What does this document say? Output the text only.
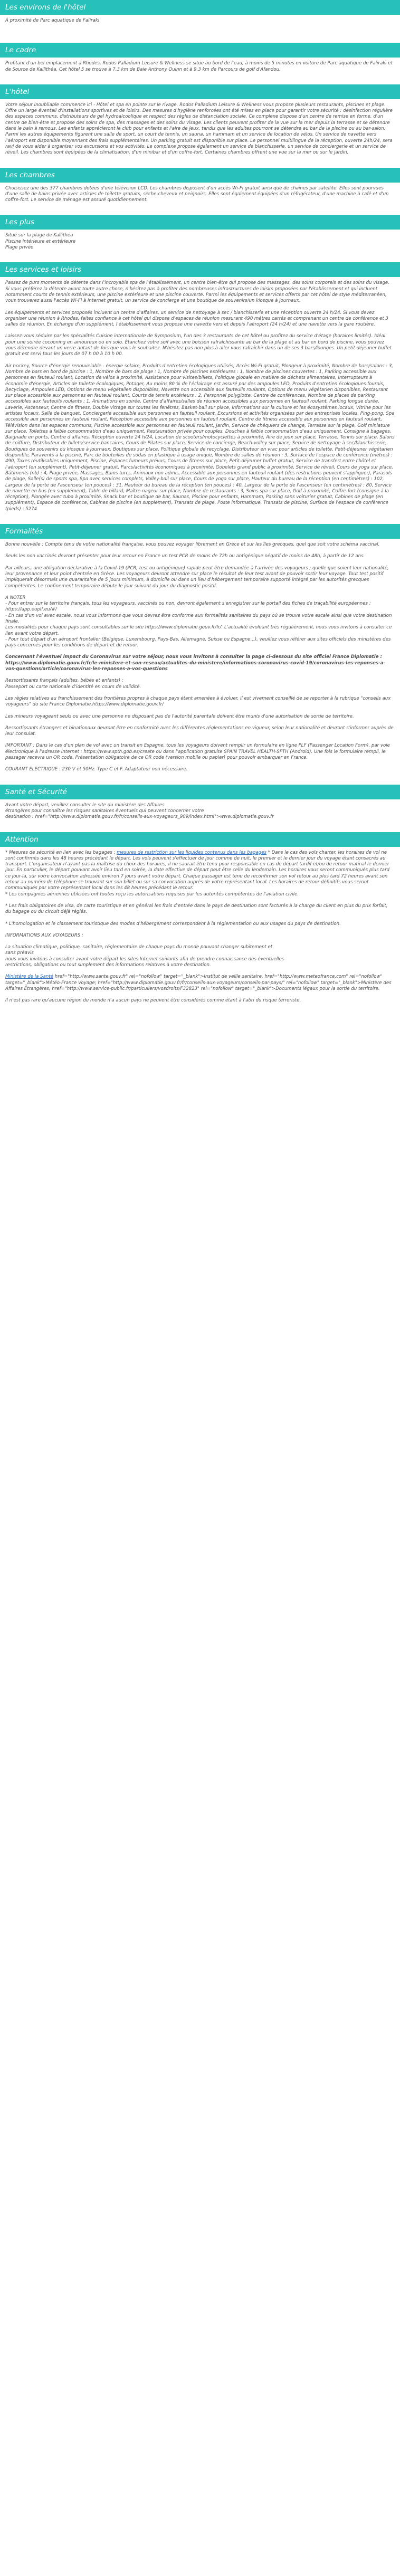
Les environs de l'hôtel

À proximité de Parc aquatique de Faliraki

Le cadre

Profitant d'un bel emplacement à Rhodes, Rodos Palladium Leisure & Wellness se situe au bord de l'eau, à moins de 5 minutes en voiture de Parc aquatique de Faliraki et de Source de Kallithéa. Cet hôtel 5 se trouve à 7,3 km de Baie Anthony Quinn et à 9,3 km de Parcours de golf d'Afandou.

L'hôtel

Votre séjour inoubliable commence ici - Hôtel et spa en pointe sur le rivage, Rodos Palladium Leisure & Wellness vous propose plusieurs restaurants, piscines et plage. Offre un large éventail d'installations sportives et de loisirs. Des mesures d'hygiène renforcées ont été mises en place pour garantir votre sécurité : désinfection régulière des espaces communs, distributeurs de gel hydroalcoolique et respect des règles de distanciation sociale. Ce complexe dispose d'un centre de remise en forme, d'un centre de bien-être et propose des soins de spa, des massages et des soins du visage. Les clients peuvent profiter de la vue sur la mer depuis la terrasse et se détendre dans le bain à remous. Les enfants apprécieront le club pour enfants et l'aire de jeux, tandis que les adultes pourront se détendre au bar de la piscine ou au bar-salon. Parmi les autres équipements figurent une salle de sport, un court de tennis, un sauna, un hammam et un service de location de vélos. Un service de navette vers l'aéroport est disponible moyennant des frais supplémentaires. Un parking gratuit est disponible sur place. Le personnel multilingue de la réception, ouverte 24h/24, sera ravi de vous aider à organiser vos excursions et vos activités. Le complexe propose également un service de blanchisserie, un service de conciergerie et un service de réveil. Les chambres sont équipées de la climatisation, d'un minibar et d'un coffre-fort. Certaines chambres offrent une vue sur la mer ou sur le jardin.

Les chambres

Choisissez une des 377 chambres dotées d'une télévision LCD. Les chambres disposent d'un accès Wi-Fi gratuit ainsi que de chaînes par satellite. Elles sont pourvues d'une salle de bains privée avec articles de toilette gratuits, sèche-cheveux et peignoirs. Elles sont également équipées d'un réfrigérateur, d'une machine à café et d'un coffre-fort. Le service de ménage est assuré quotidiennement.

Les plus
Situé sur la plage de Kallithéa
Piscine intérieure et extérieure
Plage privée
Les services et loisirs

Passez de purs moments de détente dans l'incroyable spa de l'établissement, un centre bien-être qui propose des massages, des soins corporels et des soins du visage. Si vous préférez la détente avant toute autre chose, n'hésitez pas à profiter des nombreuses infrastructures de loisirs proposées par l'établissement et qui incluent notamment courts de tennis extérieurs, une piscine extérieure et une piscine couverte. Parmi les équipements et services offerts par cet hôtel de style méditerranéen, vous trouverez aussi l'accès Wi-Fi à Internet gratuit, un service de concierge et une boutique de souvenirs/un kiosque à journaux.

Les équipements et services proposés incluent un centre d'affaires, un service de nettoyage à sec / blanchisserie et une réception ouverte 24 h/24. Si vous devez organiser une réunion à Rhodes, faites confiance à cet hôtel qui dispose d'espaces de réunion mesurant 490 mètres carrés et comprenant un centre de conférence et 3 salles de réunion. En échange d'un supplément, l'établissement vous propose une navette vers et depuis l'aéroport (24 h/24) et une navette vers la gare routière.

Laissez-vous séduire par les spécialités Cuisine internationale de Symposium, l'un des 3 restaurants de cet hôtel ou profitez du service d'étage (horaires limités). Idéal pour une soirée cocooning en amoureux ou en solo. Étanchez votre soif avec une boisson rafraîchissante au bar de la plage et au bar en bord de piscine, vous pouvez vous détendre devant un verre autant de fois que vous le souhaitez. N'hésitez pas non plus à aller vous rafraîchir dans un de ses 3 bars/lounges. Un petit déjeuner buffet gratuit est servi tous les jours de 07 h 00 à 10 h 00.

Air hockey, Source d'énergie renouvelable - énergie solaire, Produits d'entretien écologiques utilisés, Accès Wi-Fi gratuit, Plongeur à proximité, Nombre de bars/salons : 3, Nombre de bars en bord de piscine : 1, Nombre de bars de plage : 1, Nombre de piscines extérieures : 1, Nombre de piscines couvertes : 1, Parking accessible aux personnes en fauteuil roulant, Location de vélos à proximité, Assistance pour visites/billets, Politique globale en matière de déchets alimentaires, Interrupteurs à économie d'énergie, Articles de toilette écologiques, Potager, Au moins 80 % de l'éclairage est assuré par des ampoules LED, Produits d'entretien écologiques fournis, Recyclage, Ampoules LED, Options de menu végétalien disponibles, Navette non accessible aux fauteuils roulants, Options de menu végétarien disponibles, Restaurant sur place accessible aux personnes en fauteuil roulant, Courts de tennis extérieurs : 2, Personnel polyglotte, Centre de conférences, Nombre de places de parking accessibles aux fauteuils roulants : 1, Animations en soirée, Centre d'affaires/salles de réunion accessibles aux personnes en fauteuil roulant, Parking longue durée, Laverie, Ascenseur, Centre de fitness, Double vitrage sur toutes les fenêtres, Basket-ball sur place, Informations sur la culture et les écosystèmes locaux, Vitrine pour les artistes locaux, Salle de banquet, Conciergerie accessible aux personnes en fauteuil roulant, Excursions et activités organisées par des entreprises locales, Ping-pong, Spa accessible aux personnes en fauteuil roulant, Réception accessible aux personnes en fauteuil roulant, Centre de fitness accessible aux personnes en fauteuil roulant, Télévision dans les espaces communs, Piscine accessible aux personnes en fauteuil roulant, Jardin, Service de chéquiers de change, Terrasse sur la plage, Golf miniature sur place, Toilettes à faible consommation d'eau uniquement, Restauration privée pour couples, Douches à faible consommation d'eau uniquement, Consigne à bagages, Baignade en ponts, Centre d'affaires, Réception ouverte 24 h/24, Location de scooters/motocyclettes à proximité, Aire de jeux sur place, Terrasse, Tennis sur place, Salons de coiffure, Distributeur de billets/service bancaires, Cours de Pilates sur place, Service de concierge, Beach-volley sur place, Service de nettoyage à sec/blanchisserie, Boutiques de souvenirs ou kiosque à journaux, Boutiques sur place, Politique globale de recyclage, Distributeur en vrac pour articles de toilette, Petit-déjeuner végétarien disponible, Paravents à la piscine, Parc de bouteilles de sodas en plastique à usage unique, Nombre de salles de réunion : 3, Surface de l'espace de conférence (mètres) : 490, Taxes réutilisables uniquement, Piscine, Espaces fumeurs prévus, Cours de fitness sur place, Petit-déjeuner buffet gratuit, Service de transfert entre l'hôtel et l'aéroport (en supplément), Petit-déjeuner gratuit, Parcs/activités économiques à proximité, Gobelets grand public à proximité, Service de réveil, Cours de yoga sur place, Bâtiments (nb) : 4, Plage privée, Massages, Bains turcs, Animaux non admis, Accessible aux personnes en fauteuil roulant (des restrictions peuvent s'appliquer), Parasols de plage, Salle(s) de sports spa, Spa avec services complets, Volley-ball sur place, Cours de yoga sur place, Hauteur du bureau de la réception (en centimètres) : 102, Largeur de la porte de l'ascenseur (en pouces) : 31, Hauteur du bureau de la réception (en pouces) : 40, Largeur de la porte de l'ascenseur (en centimètres) : 80, Service de navette en bus (en supplément), Table de billard, Maître-nageur sur place, Nombre de restaurants : 3, Soins spa sur place, Golf à proximité, Coffre-fort (consigne à la réception), Plongée avec tuba à proximité, Snack bar et boutique de bar, Saunas, Piscine pour enfants, Hammam, Parking sans voiturier gratuit, Cabines de plage (en supplément), Espace de conférence, Cabines de piscine (en supplément), Transats de plage, Poste informatique, Transats de piscine, Surface de l'espace de conférence (pieds) : 5274

Formalités

Bonne nouvelle : Compte tenu de votre nationalité française, vous pouvez voyager librement en Grèce et sur les îles grecques, quel que soit votre schéma vaccinal.

Seuls les non vaccinés devront présenter pour leur retour en France un test PCR de moins de 72h ou antigénique négatif de moins de 48h, à partir de 12 ans.

Par ailleurs, une obligation déclarative à la Covid-19 (PCR, test ou antigénique) rapide peut être demandée à l'arrivée des voyageurs ; quelle que soient leur nationalité, leur provenance et leur point d'entrée en Grèce. Les voyageurs devront attendre sur place le résultat de leur test avant de pouvoir sortir leur voyage. Tout test positif impliquerait désormais une quarantaine de 5 jours minimum, à domicile ou dans un lieu d'hébergement temporaire supporté intégré par les autorités grecques compétentes. Le confinement temporaire débute le jour suivant du jour du diagnostic positif.

A NOTER
- Pour entrer sur le territoire français, tous les voyageurs, vaccinés ou non, devront également s'enregistrer sur le portail des fiches de traçabilité européennes : https://app.euplf.eu/#/
- En cas d'un vol avec escale, nous vous informons que vous devrez être conforme aux formalités sanitaires du pays où se trouve votre escale ainsi que votre destination finale.
Les modalités pour chaque pays sont consultables sur le site https://www.diplomatie.gouv.fr/fr/. L'actualité évoluant très régulièrement, nous vous invitons à consulter ce lien avant votre départ.

- Pour tout départ d'un aéroport frontalier (Belgique, Luxembourg, Pays-Bas, Allemagne, Suisse ou Espagne...), veuillez vous référer aux sites officiels des ministères des pays concernés pour les conditions de départ et de retour.

Concernant l'éventuel impact du Coronavirus sur votre séjour, nous vous invitons à consulter la page ci-dessous du site officiel France Diplomatie : https://www.diplomatie.gouv.fr/fr/le-ministere-et-son-reseau/actualites-du-ministere/informations-coronavirus-covid-19/coronavirus-les-reponses-a-vos-questions/article/coronavirus-les-reponses-a-vos-questions

Ressortissants français (adultes, bébés et enfants) :

Passeport ou carte nationale d'identité en cours de validité.

Les règles relatives au franchissement des frontières propres à chaque pays étant amenées à évoluer, il est vivement conseillé de se reporter à la rubrique "conseils aux voyageurs" du site France Diplomatie.https://www.diplomatie.gouv.fr/

Les mineurs voyageant seuls ou avec une personne ne disposant pas de l'autorité parentale doivent être munis d'une autorisation de sortie de territoire.

Ressortissants étrangers et binationaux devront être en conformité avec les différentes réglementations en vigueur, selon leur nationalité et devront s'informer auprès de leur consulat.

IMPORTANT : Dans le cas d'un plan de vol avec un transit en Espagne, tous les voyageurs doivent remplir un formulaire en ligne PLF (Passenger Location Form), par voie électronique à l'adresse internet : https://www.spth.gob.es/create ou dans l'application gratuite SPAIN TRAVEL HEALTH-SPTH (Android). Une fois le formulaire rempli, le passager recevra un QR code. Présentation obligatoire de ce QR code (version mobile ou papier) pour pouvoir embarquer en France.

COURANT ELECTRIQUE : 230 V et 50Hz. Type C et F. Adaptateur non nécessaire.

Santé et Sécurité
Avant votre départ, veuillez consulter le site du ministère des Affaires
étrangères pour connaître les risques sanitaires éventuels qui peuvent concerner votre
destination : href="http://www.diplomatie.gouv.fr/fr/conseils-aux-voyageurs_909/index.html">www.diplomatie.gouv.fr
Attention

* Mesures de sécurité en lien avec les bagages : mesures de restriction sur les liquides contenus dans les bagages * Dans le cas des vols charter, les horaires de vol ne sont confirmés dans les 48 heures précédant le départ. Les vols peuvent s'effectuer de jour comme de nuit, le premier et le dernier jour du voyage étant consacrés au transport. L'organisateur n'ayant pas la maîtrise du choix des horaires, il ne saurait être tenu pour responsable en cas de départ tardif et/ou de retour matinal le dernier jour. En particulier, le départ pouvant avoir lieu tard en soirée, la date effective de départ peut être celle du lendemain. Les horaires vous seront communiqués plus tard ce jour-là, sur votre convocation adressée environ 7 jours avant votre départ. Chaque passager est tenu de reconfirmer son vol retour au plus tard 72 heures avant son retour au numéro de téléphone se trouvant sur son billet ou sur sa convocation auprès de votre représentant local. Les horaires de retour définitifs vous seront communiqués par votre représentant local dans les 48 heures précédant le retour.
* Les compagnies aériennes utilisées ont toutes reçu les autorisations requises par les autorités compétentes de l'aviation civile.

* Les frais obligatoires de visa, de carte touristique et en général les frais d'entrée dans le pays de destination sont facturés à la charge du client en plus du prix forfait, du bagage ou du circuit déjà réglés.

* L'homologation et le classement touristique des modes d'hébergement correspondent à la réglementation ou aux usages du pays de destination.

INFORMATIONS AUX VOYAGEURS :

La situation climatique, politique, sanitaire, réglementaire de chaque pays du monde pouvant changer subitement et
sans préavis
nous vous invitons à consulter avant votre départ les sites Internet suivants afin de prendre connaissance des éventuelles
restrictions, obligations ou tout simplement des informations relatives à votre destination.

Ministère de la Santé href="http://www.sante.gouv.fr" rel="nofollow" target="_blank">Institut de veille sanitaire, href="http://www.meteofrance.com" rel="nofollow" target="_blank">Météo-France Voyage; href="http://www.diplomatie.gouv.fr/fr/conseils-aux-voyageurs/conseils-par-pays/" rel="nofollow" target="_blank">Ministère des Affaires Étrangères, href="http://www.service-public.fr/particuliers/vosdroits/F32823" rel="nofollow" target="_blank">Documents légaux pour la sortie du territoire.

Il n'est pas rare qu'aucune région du monde n'a aucun pays ne peuvent être considérés comme étant à l'abri du risque terroriste.
